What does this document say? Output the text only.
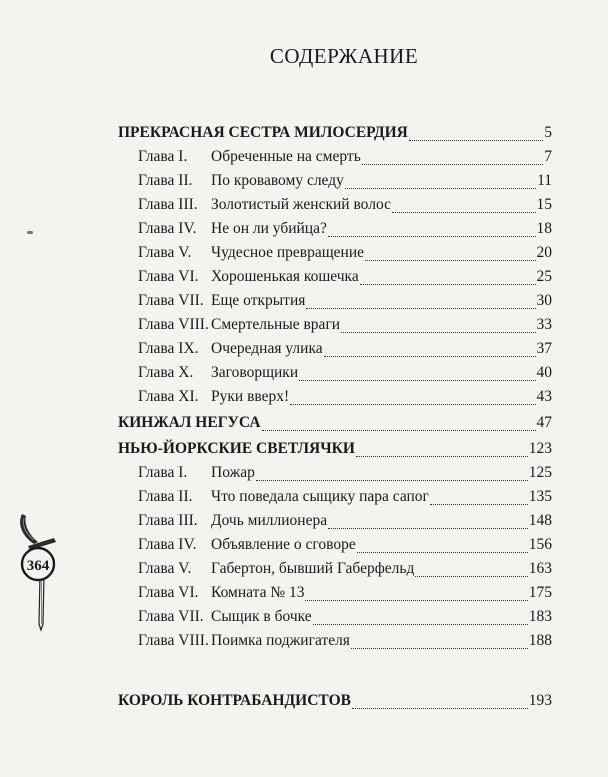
СОДЕРЖАНИЕ
ПРЕКРАСНАЯ СЕСТРА МИЛОСЕРДИЯ	5
Глава I.	Обреченные на смерть	7
Глава II.	По кровавому следу	11
Глава III. Золотистый женский волос	15
Глава IV. Не он ли убийца?	18
Глава V.	Чудесное превращение	20
Глава VI. Хорошенькая кошечка	25
Глава VII. Еще открытия	30
Глава VIII. Смертельные враги	33
Глава IX. Очередная улика	37
Глава X.	Заговорщики	40
Глава XI. Руки вверх!	43
КИНЖАЛ НЕГУСА	47
НЬЮ-ЙОРКСКИЕ СВЕТЛЯЧКИ	123
Глава I.	Пожар	125
Глава II.	Что поведала сыщику пара сапог	135
Глава III. Дочь миллионера	148
Глава IV. Объявление о сговоре	156
Глава V.	Габертон, бывший Габерфельд	163
Глава VI. Комната № 13	175
Глава VII. Сыщик в бочке	183
Глава VIII. Поимка поджигателя	188
КОРОЛЬ КОНТРАБАНДИСТОВ	193
364
